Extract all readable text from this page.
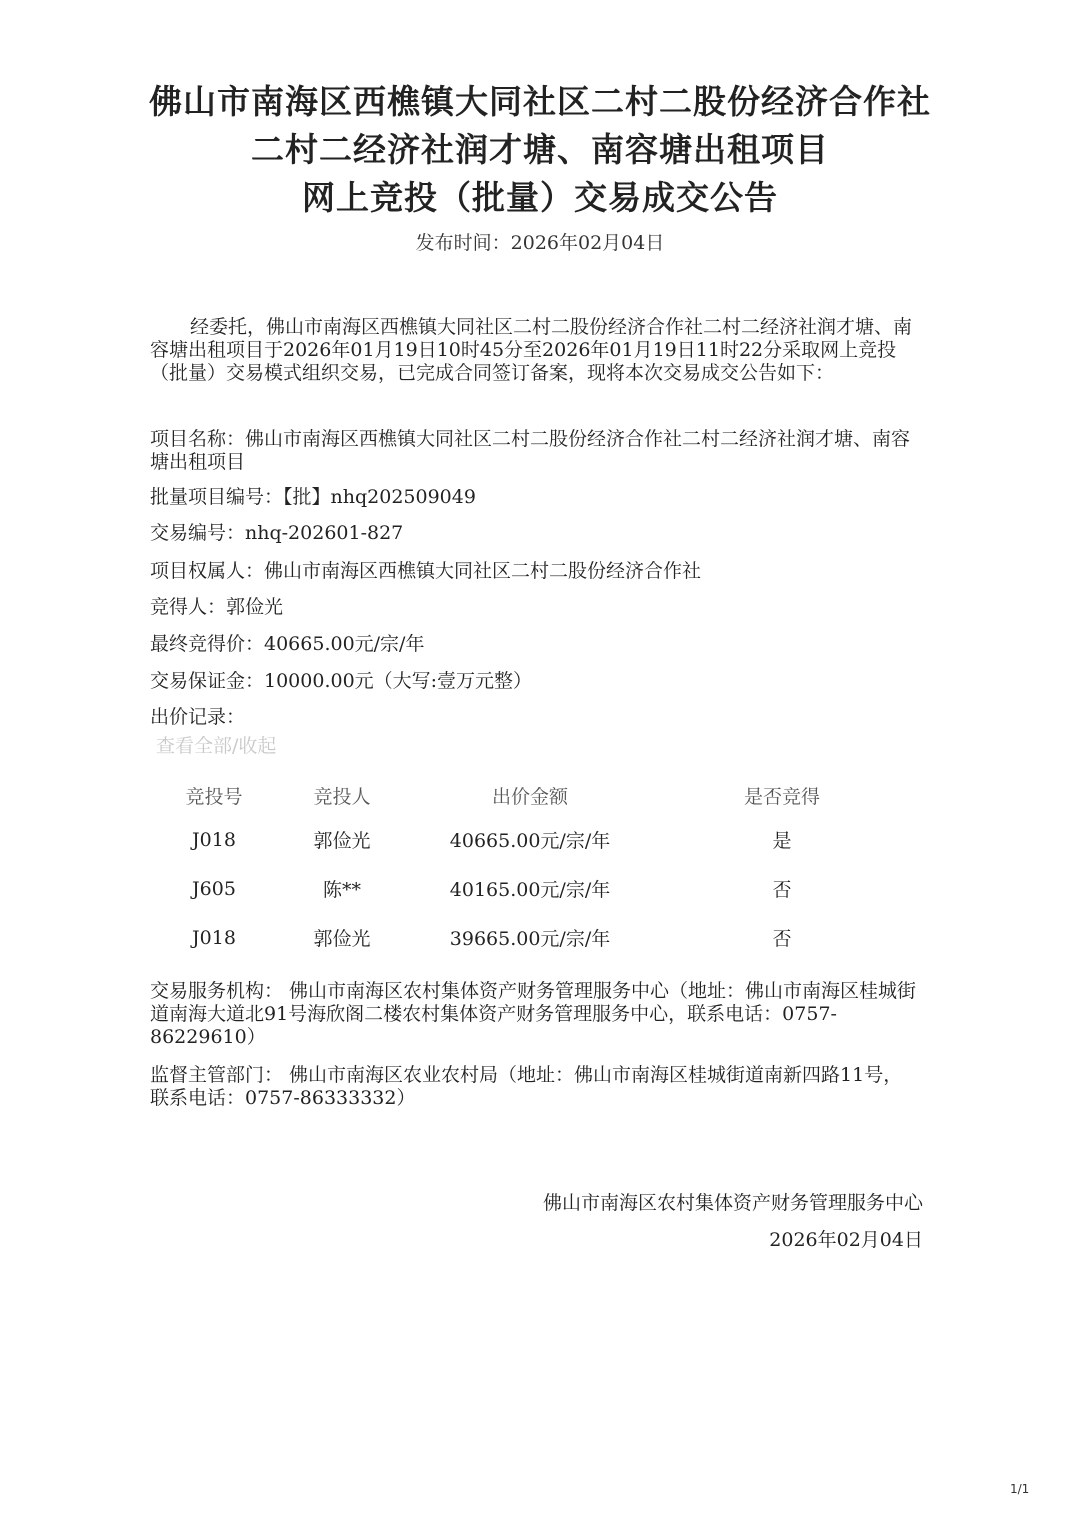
佛山市南海区西樵镇大同社区二村二股份经济合作社
二村二经济社润才塘、南容塘出租项目
网上竞投（批量）交易成交公告
发布时间：2026年02月04日
经委托，佛山市南海区西樵镇大同社区二村二股份经济合作社二村二经济社润才塘、南容塘出租项目于2026年01月19日10时45分至2026年01月19日11时22分采取网上竞投（批量）交易模式组织交易，已完成合同签订备案，现将本次交易成交公告如下：
项目名称：佛山市南海区西樵镇大同社区二村二股份经济合作社二村二经济社润才塘、南容塘出租项目
批量项目编号：【批】nhq202509049
交易编号：nhq-202601-827
项目权属人：佛山市南海区西樵镇大同社区二村二股份经济合作社
竞得人：郭俭光
最终竞得价：40665.00元/宗/年
交易保证金：10000.00元（大写:壹万元整）
出价记录：
查看全部/收起
竞投号	竞投人	出价金额	是否竞得
J018	郭俭光	40665.00元/宗/年	是
J605	陈**	40165.00元/宗/年	否
J018	郭俭光	39665.00元/宗/年	否
交易服务机构： 佛山市南海区农村集体资产财务管理服务中心（地址：佛山市南海区桂城街道南海大道北91号海欣阁二楼农村集体资产财务管理服务中心，联系电话：0757-86229610）
监督主管部门： 佛山市南海区农业农村局（地址：佛山市南海区桂城街道南新四路11号，联系电话：0757-86333332）
佛山市南海区农村集体资产财务管理服务中心
2026年02月04日
1/1
